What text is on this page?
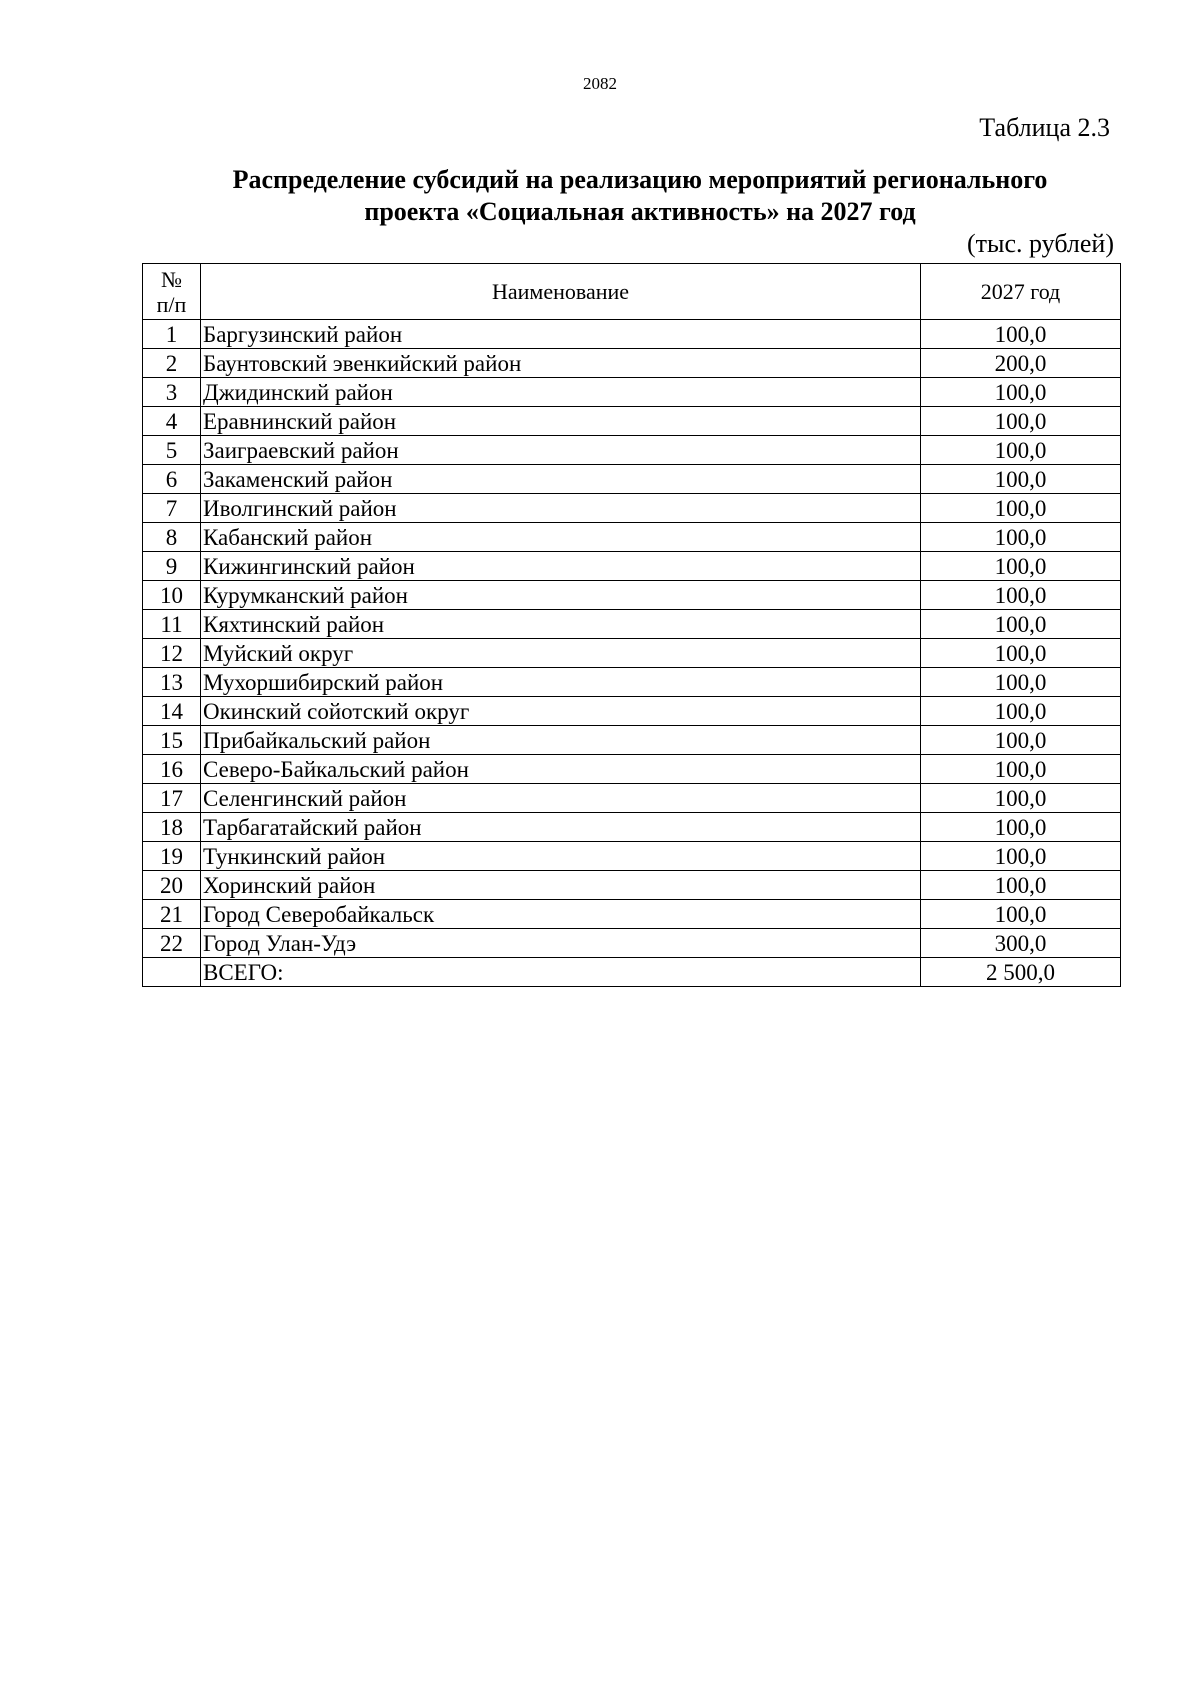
2082
Таблица 2.3
Распределение субсидий на реализацию мероприятий регионального
проекта «Социальная активность» на 2027 год
(тыс. рублей)
№
п/п	Наименование	2027 год
1	Баргузинский район	100,0
2	Баунтовский эвенкийский район	200,0
3	Джидинский район	100,0
4	Еравнинский район	100,0
5	Заиграевский район	100,0
6	Закаменский район	100,0
7	Иволгинский район	100,0
8	Кабанский район	100,0
9	Кижингинский район	100,0
10	Курумканский район	100,0
11	Кяхтинский район	100,0
12	Муйский округ	100,0
13	Мухоршибирский район	100,0
14	Окинский сойотский округ	100,0
15	Прибайкальский район	100,0
16	Северо-Байкальский район	100,0
17	Селенгинский район	100,0
18	Тарбагатайский район	100,0
19	Тункинский район	100,0
20	Хоринский район	100,0
21	Город Северобайкальск	100,0
22	Город Улан-Удэ	300,0
	ВСЕГО:	2 500,0
